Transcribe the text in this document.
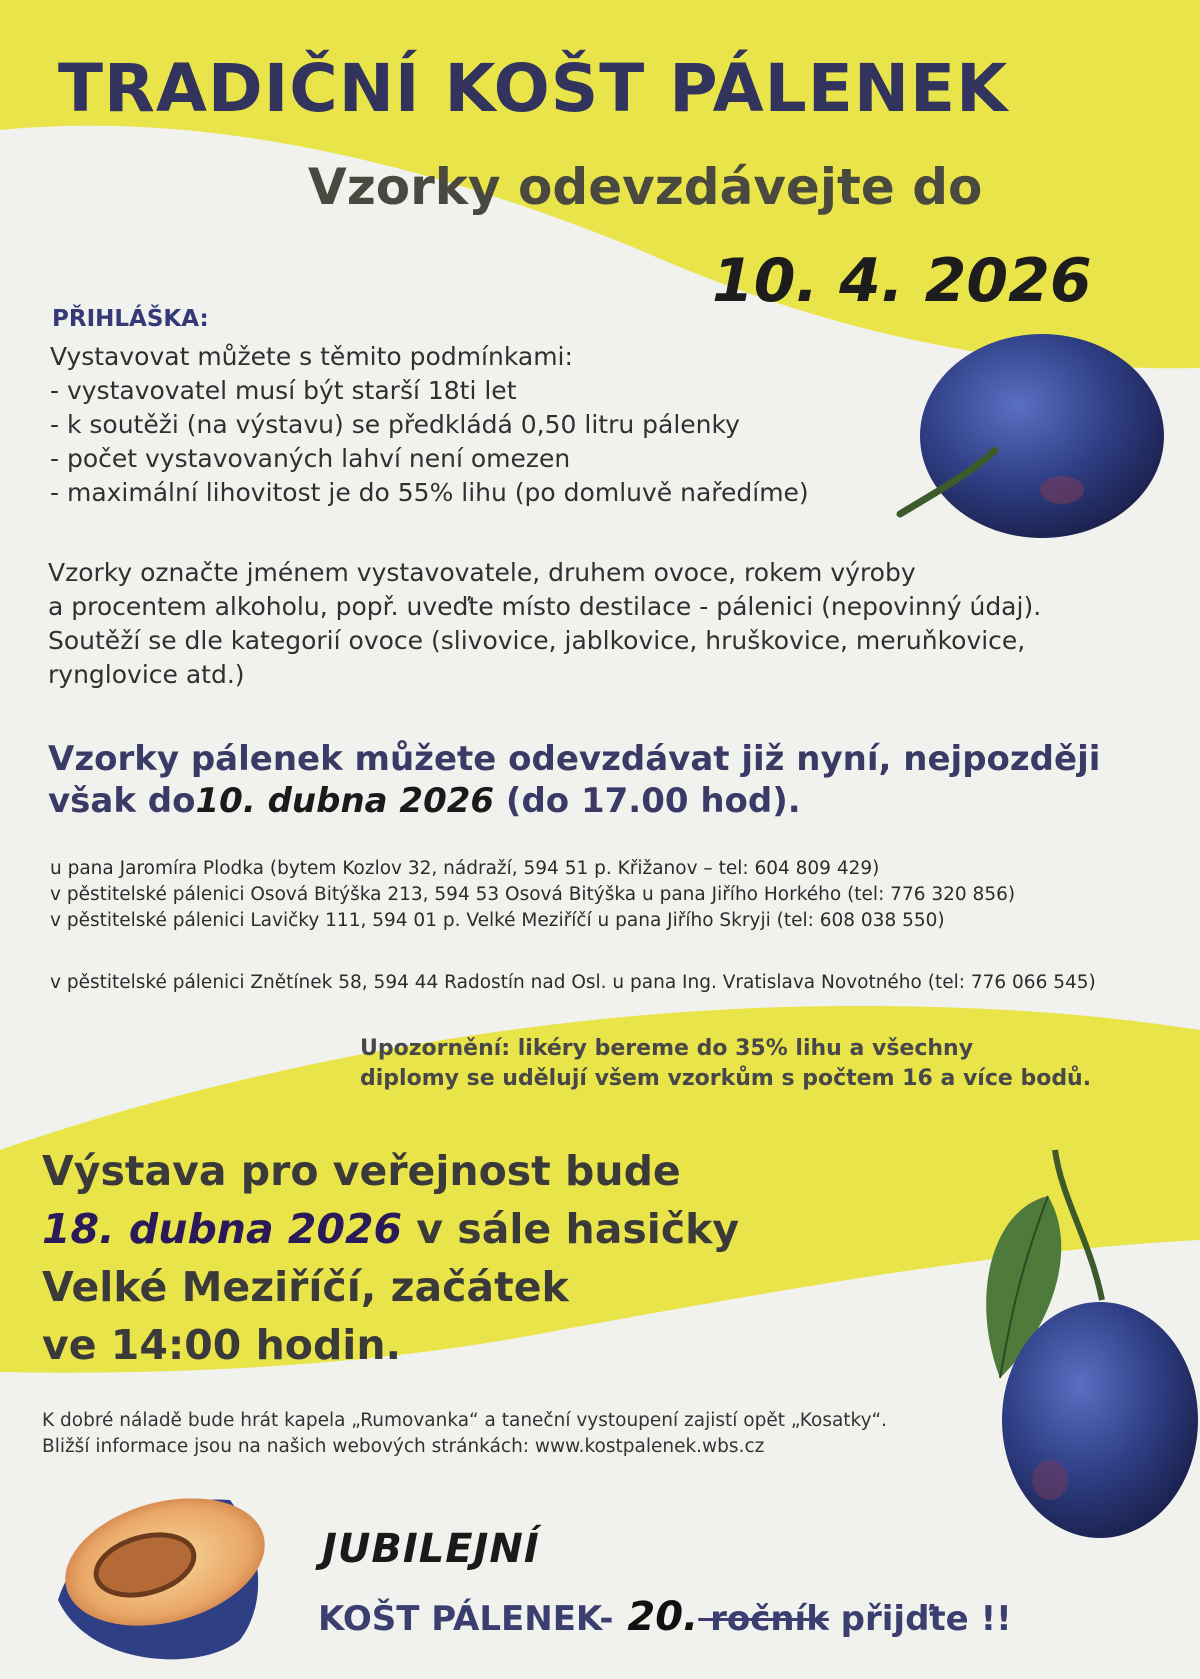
TRADIČNÍ KOŠT PÁLENEK
Vzorky odevzdávejte do
10. 4. 2026
PŘIHLÁŠKA:
Vystavovat můžete s těmito podmínkami:
- vystavovatel musí být starší 18ti let
- k soutěži (na výstavu) se předkládá 0,50 litru pálenky
- počet vystavovaných lahví není omezen
- maximální lihovitost je do 55% lihu (po domluvě naředíme)
Vzorky označte jménem vystavovatele, druhem ovoce, rokem výroby
a procentem alkoholu, popř. uveďte místo destilace - pálenici (nepovinný údaj).
Soutěží se dle kategorií ovoce (slivovice, jablkovice, hruškovice, meruňkovice,
rynglovice atd.)
Vzorky pálenek můžete odevzdávat již nyní, nejpozději
však do10. dubna 2026 (do 17.00 hod).
u pana Jaromíra Plodka (bytem Kozlov 32, nádraží, 594 51 p. Křižanov – tel: 604 809 429)
v pěstitelské pálenici Osová Bitýška 213, 594 53 Osová Bitýška u pana Jiřího Horkého (tel: 776 320 856)
v pěstitelské pálenici Lavičky 111, 594 01 p. Velké Meziříčí u pana Jiřího Skryji (tel: 608 038 550)

v pěstitelské pálenici Znětínek 58, 594 44 Radostín nad Osl. u pana Ing. Vratislava Novotného (tel: 776 066 545)
Upozornění: likéry bereme do 35% lihu a všechny
diplomy se udělují všem vzorkům s počtem 16 a více bodů.
Výstava pro veřejnost bude
18. dubna 2026 v sále hasičky
Velké Meziříčí, začátek
ve 14:00 hodin.
K dobré náladě bude hrát kapela „Rumovanka“ a taneční vystoupení zajistí opět „Kosatky“.
Bližší informace jsou na našich webových stránkách: www.kostpalenek.wbs.cz
JUBILEJNÍ
KOŠT PÁLENEK- 20. ročník přijďte !!
